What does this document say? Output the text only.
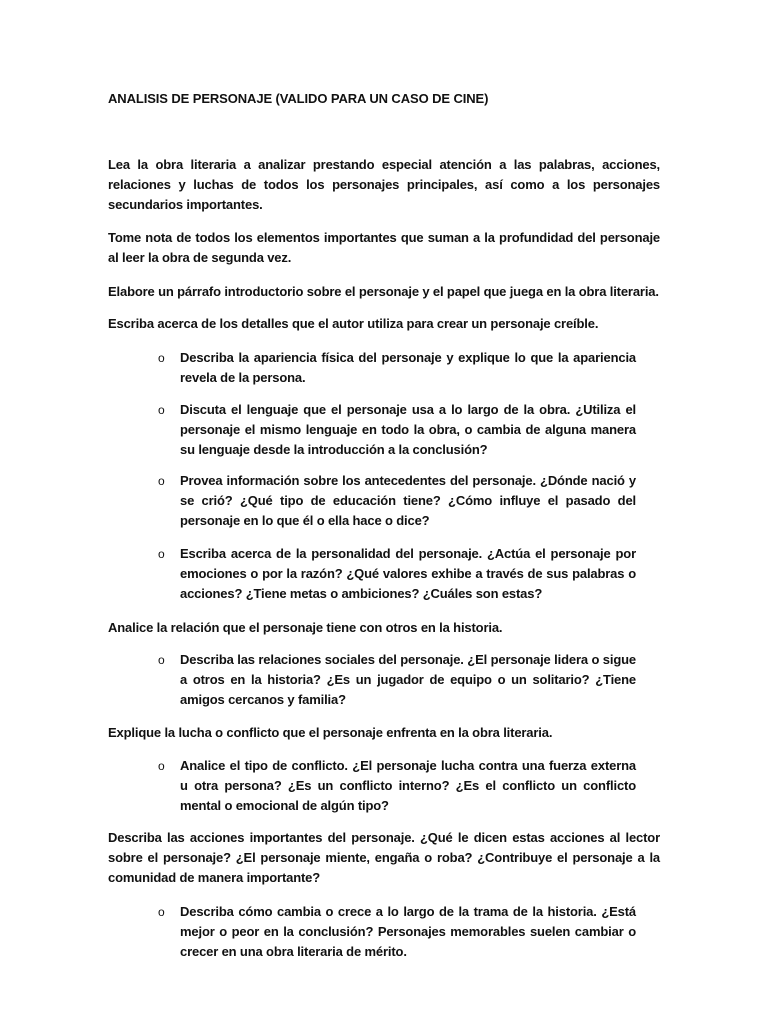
ANALISIS DE PERSONAJE (VALIDO PARA UN CASO DE CINE)

Lea la obra literaria a analizar prestando especial atención a las palabras, acciones, relaciones y luchas de todos los personajes principales, así como a los personajes secundarios importantes.

Tome nota de todos los elementos importantes que suman a la profundidad del personaje al leer la obra de segunda vez.

Elabore un párrafo introductorio sobre el personaje y el papel que juega en la obra literaria.

Escriba acerca de los detalles que el autor utiliza para crear un personaje creíble.

o Describa la apariencia física del personaje y explique lo que la apariencia revela de la persona.
o Discuta el lenguaje que el personaje usa a lo largo de la obra. ¿Utiliza el personaje el mismo lenguaje en todo la obra, o cambia de alguna manera su lenguaje desde la introducción a la conclusión?
o Provea información sobre los antecedentes del personaje. ¿Dónde nació y se crió? ¿Qué tipo de educación tiene? ¿Cómo influye el pasado del personaje en lo que él o ella hace o dice?
o Escriba acerca de la personalidad del personaje. ¿Actúa el personaje por emociones o por la razón? ¿Qué valores exhibe a través de sus palabras o acciones? ¿Tiene metas o ambiciones? ¿Cuáles son estas?

Analice la relación que el personaje tiene con otros en la historia.

o Describa las relaciones sociales del personaje. ¿El personaje lidera o sigue a otros en la historia? ¿Es un jugador de equipo o un solitario? ¿Tiene amigos cercanos y familia?

Explique la lucha o conflicto que el personaje enfrenta en la obra literaria.

o Analice el tipo de conflicto. ¿El personaje lucha contra una fuerza externa u otra persona? ¿Es un conflicto interno? ¿Es el conflicto un conflicto mental o emocional de algún tipo?

Describa las acciones importantes del personaje. ¿Qué le dicen estas acciones al lector sobre el personaje? ¿El personaje miente, engaña o roba? ¿Contribuye el personaje a la comunidad de manera importante?

o Describa cómo cambia o crece a lo largo de la trama de la historia. ¿Está mejor o peor en la conclusión? Personajes memorables suelen cambiar o crecer en una obra literaria de mérito.
